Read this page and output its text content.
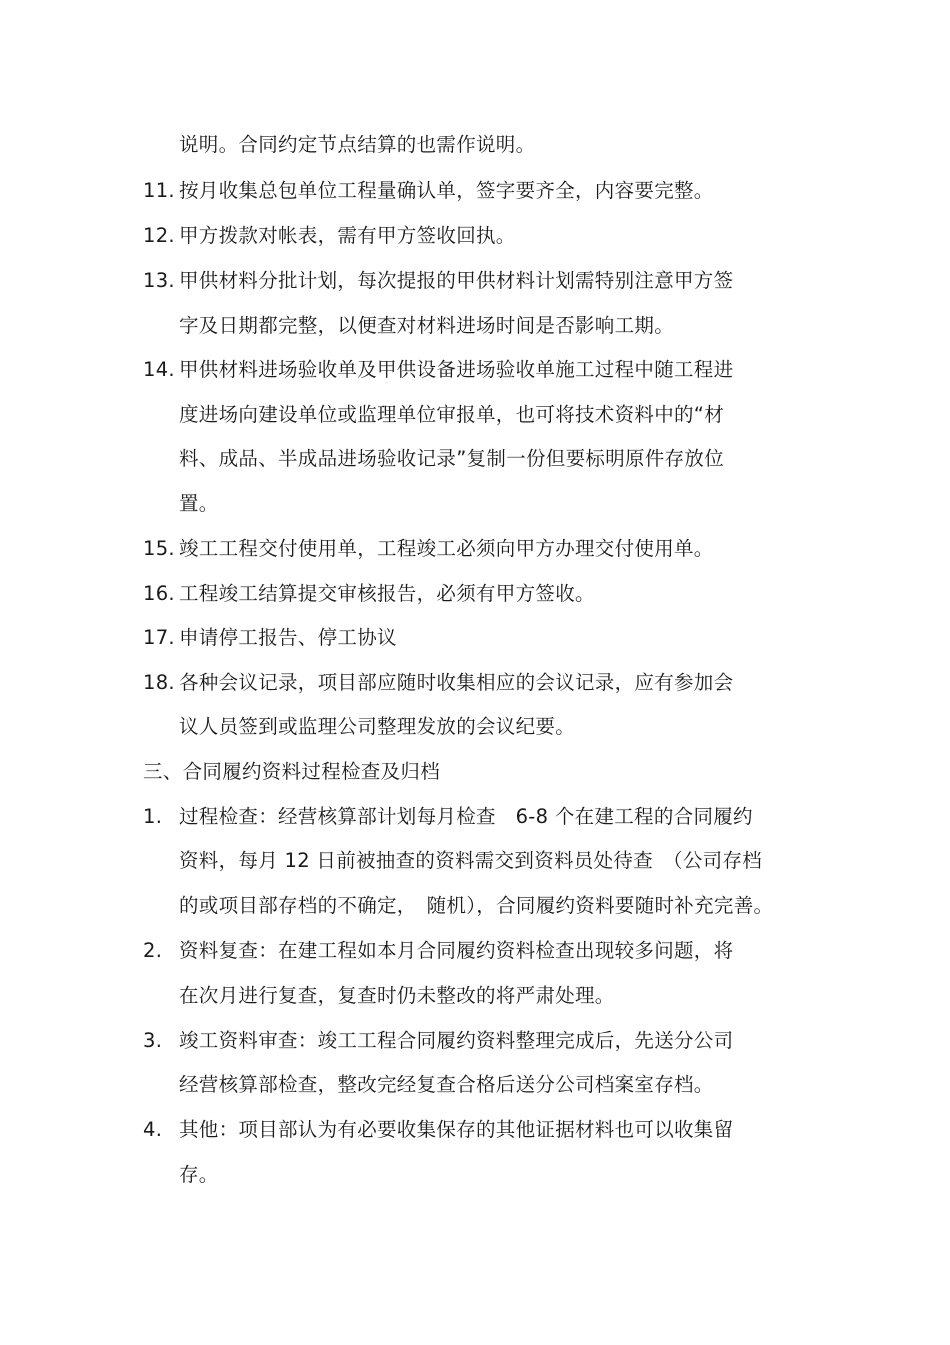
说明。合同约定节点结算的也需作说明。
11. 按月收集总包单位工程量确认单，签字要齐全，内容要完整。
12. 甲方拨款对帐表，需有甲方签收回执。
13. 甲供材料分批计划，每次提报的甲供材料计划需特别注意甲方签
字及日期都完整，以便查对材料进场时间是否影响工期。
14. 甲供材料进场验收单及甲供设备进场验收单施工过程中随工程进
度进场向建设单位或监理单位审报单，也可将技术资料中的“材
料、成品、半成品进场验收记录”复制一份但要标明原件存放位
置。
15. 竣工工程交付使用单，工程竣工必须向甲方办理交付使用单。
16. 工程竣工结算提交审核报告，必须有甲方签收。
17. 申请停工报告、停工协议
18. 各种会议记录，项目部应随时收集相应的会议记录，应有参加会
议人员签到或监理公司整理发放的会议纪要。
三、合同履约资料过程检查及归档
1. 过程检查：经营核算部计划每月检查　6-8 个在建工程的合同履约
资料，每月 12 日前被抽查的资料需交到资料员处待查　（公司存档
的或项目部存档的不确定，　随机），合同履约资料要随时补充完善。
2. 资料复查：在建工程如本月合同履约资料检查出现较多问题，将
在次月进行复查，复查时仍未整改的将严肃处理。
3. 竣工资料审查：竣工工程合同履约资料整理完成后，先送分公司
经营核算部检查，整改完经复查合格后送分公司档案室存档。
4. 其他：项目部认为有必要收集保存的其他证据材料也可以收集留
存。
